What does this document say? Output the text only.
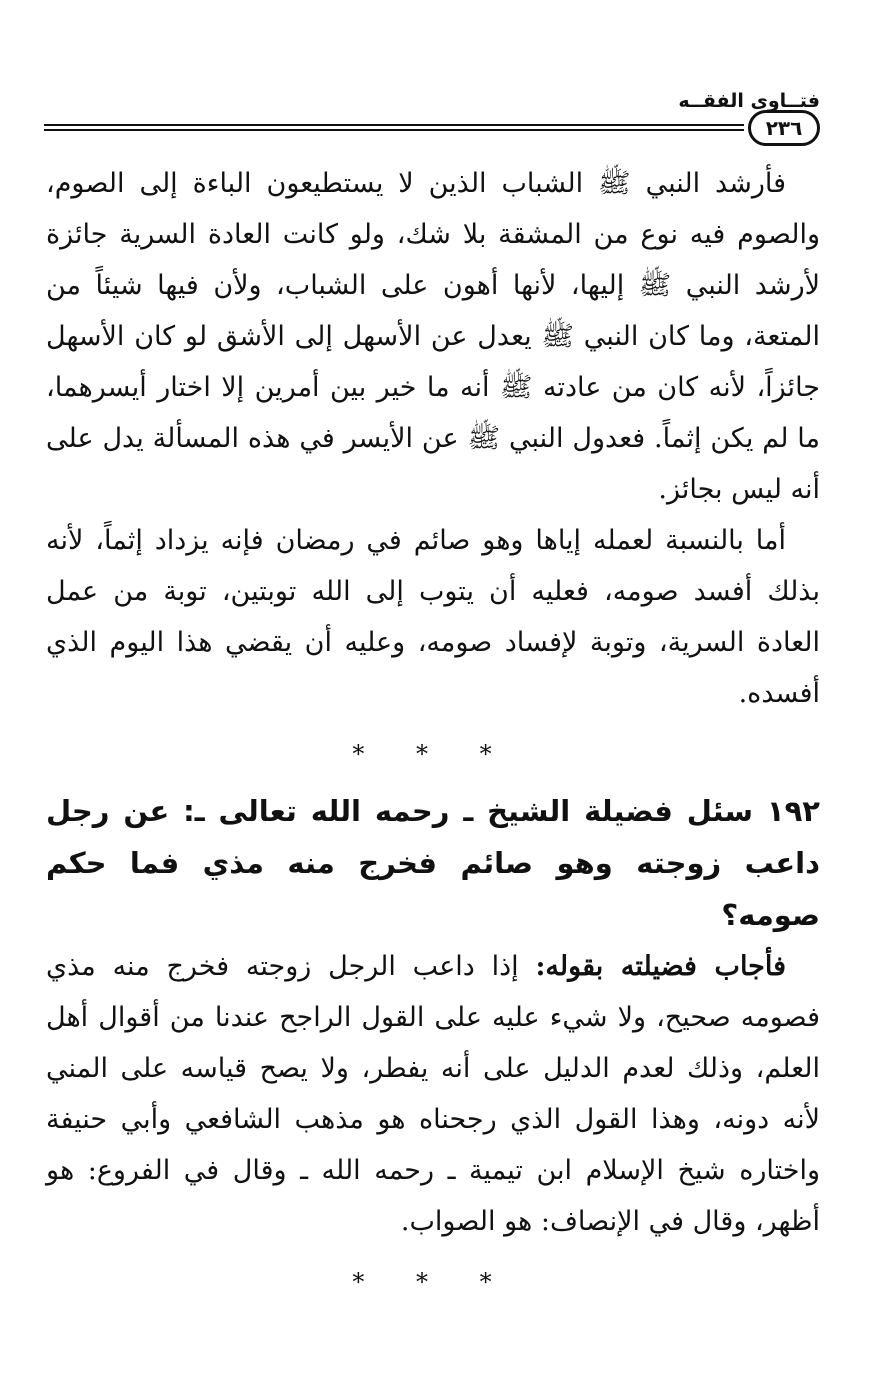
فتــاوى الفقــه
٢٣٦

فأرشد النبي ﷺ الشباب الذين لا يستطيعون الباءة إلى الصوم، والصوم فيه نوع من المشقة بلا شك، ولو كانت العادة السرية جائزة لأرشد النبي ﷺ إليها، لأنها أهون على الشباب، ولأن فيها شيئاً من المتعة، وما كان النبي ﷺ يعدل عن الأسهل إلى الأشق لو كان الأسهل جائزاً، لأنه كان من عادته ﷺ أنه ما خير بين أمرين إلا اختار أيسرهما، ما لم يكن إثماً. فعدول النبي ﷺ عن الأيسر في هذه المسألة يدل على أنه ليس بجائز.

أما بالنسبة لعمله إياها وهو صائم في رمضان فإنه يزداد إثماً، لأنه بذلك أفسد صومه، فعليه أن يتوب إلى الله توبتين، توبة من عمل العادة السرية، وتوبة لإفساد صومه، وعليه أن يقضي هذا اليوم الذي أفسده.

* * *

١٩٢ سئل فضيلة الشيخ ـ رحمه الله تعالى ـ: عن رجل داعب زوجته وهو صائم فخرج منه مذي فما حكم صومه؟

فأجاب فضيلته بقوله: إذا داعب الرجل زوجته فخرج منه مذي فصومه صحيح، ولا شيء عليه على القول الراجح عندنا من أقوال أهل العلم، وذلك لعدم الدليل على أنه يفطر، ولا يصح قياسه على المني لأنه دونه، وهذا القول الذي رجحناه هو مذهب الشافعي وأبي حنيفة واختاره شيخ الإسلام ابن تيمية ـ رحمه الله ـ وقال في الفروع: هو أظهر، وقال في الإنصاف: هو الصواب.

* * *
